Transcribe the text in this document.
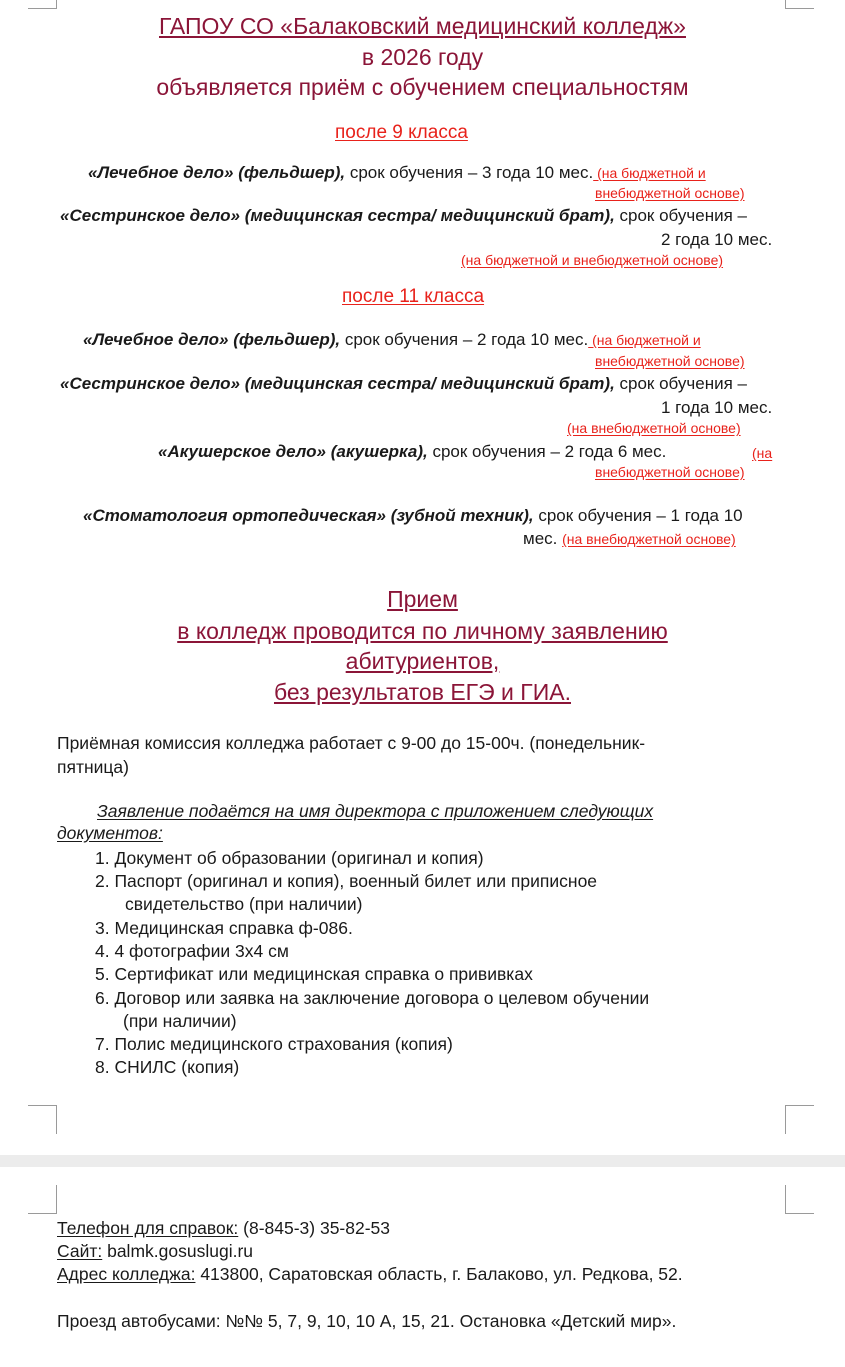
ГАПОУ СО «Балаковский медицинский колледж»
в 2026 году
объявляется приём с обучением специальностям
после 9 класса
«Лечебное дело» (фельдшер), срок обучения – 3 года 10 мес. (на бюджетной и
внебюджетной основе)
«Сестринское дело» (медицинская сестра/ медицинский брат), срок обучения –
2 года 10 мес.
(на бюджетной и внебюджетной основе)
после 11 класса
«Лечебное дело» (фельдшер), срок обучения – 2 года 10 мес. (на бюджетной и
внебюджетной основе)
«Сестринское дело» (медицинская сестра/ медицинский брат), срок обучения –
1 года 10 мес.
(на внебюджетной основе)
«Акушерское дело» (акушерка), срок обучения – 2 года 6 мес.	(на
внебюджетной основе)
«Стоматология ортопедическая» (зубной техник), срок обучения – 1 года 10
мес. (на внебюджетной основе)
Прием
в колледж проводится по личному заявлению
абитуриентов,
без результатов ЕГЭ и ГИА.
Приёмная комиссия колледжа работает с 9-00 до 15-00ч. (понедельник-
пятница)
Заявление подаётся на имя директора с приложением следующих
документов:
1. Документ об образовании (оригинал и копия)
2. Паспорт (оригинал и копия), военный билет или приписное
свидетельство (при наличии)
3. Медицинская справка ф-086.
4. 4 фотографии 3х4 см
5. Сертификат или медицинская справка о прививках
6. Договор или заявка на заключение договора о целевом обучении
(при наличии)
7. Полис медицинского страхования (копия)
8. СНИЛС (копия)
Телефон для справок: (8-845-3) 35-82-53
Сайт: balmk.gosuslugi.ru
Адрес колледжа: 413800, Саратовская область, г. Балаково, ул. Редкова, 52.
Проезд автобусами: №№ 5, 7, 9, 10, 10 А, 15, 21. Остановка «Детский мир».
